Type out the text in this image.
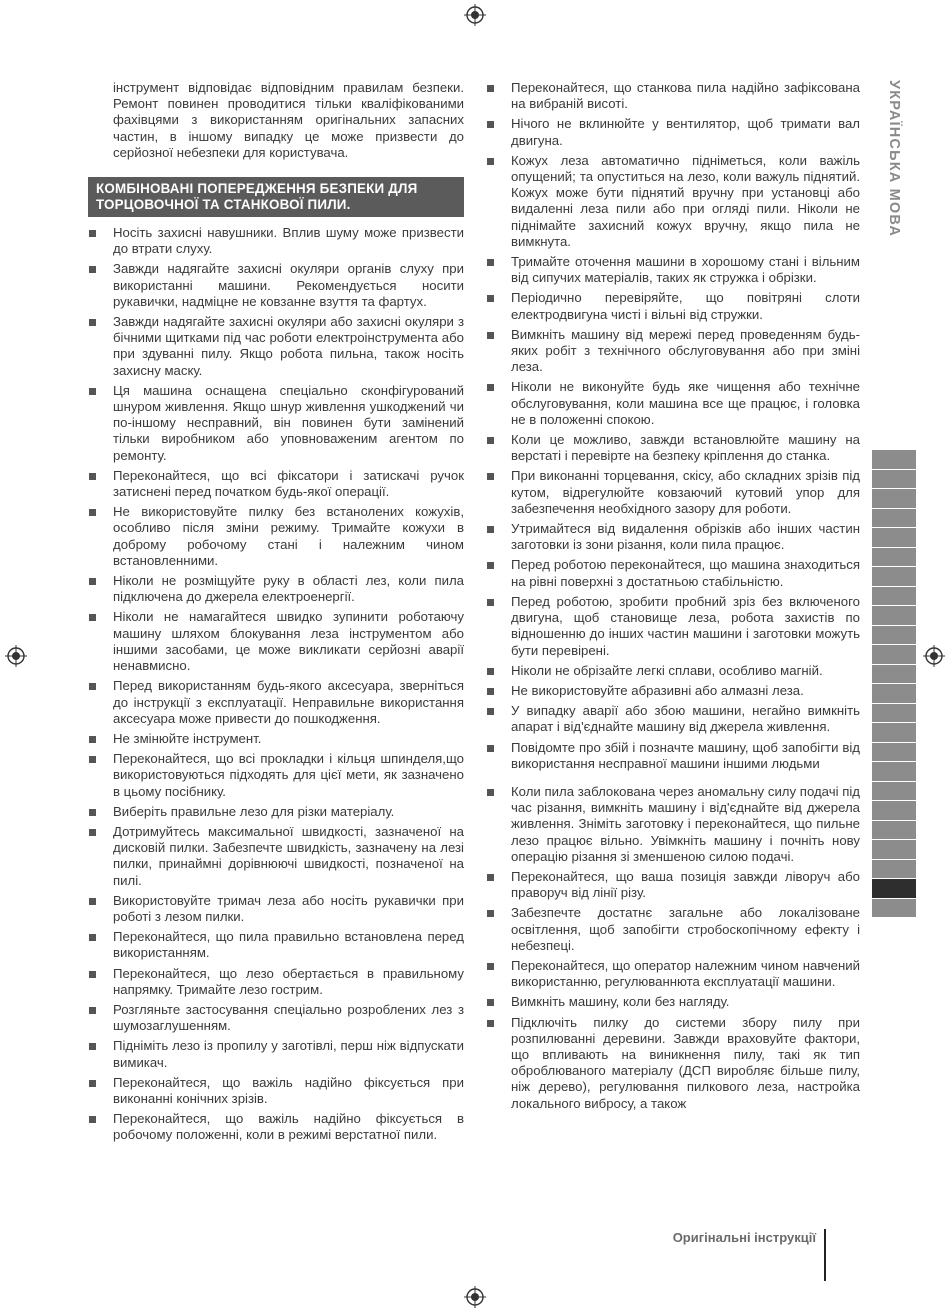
інструмент відповідає відповідним правилам безпеки. Ремонт повинен проводитися тільки кваліфікованими фахівцями з використанням оригінальних запасних частин, в іншому випадку це може призвести до серйозної небезпеки для користувача.

КОМБІНОВАНІ ПОПЕРЕДЖЕННЯ БЕЗПЕКИ ДЛЯ ТОРЦОВОЧНОЇ ТА СТАНКОВОЇ ПИЛИ.
Носіть захисні навушники. Вплив шуму може призвести до втрати слуху.
Завжди надягайте захисні окуляри органів слуху при використанні машини. Рекомендується носити рукавички, надміцне не ковзанне взуття та фартух.
Завжди надягайте захисні окуляри або захисні окуляри з бічними щитками під час роботи електроінструмента або при здуванні пилу. Якщо робота пильна, також носіть захисну маску.
Ця машина оснащена спеціально сконфігурований шнуром живлення. Якщо шнур живлення ушкоджений чи по-іншому несправний, він повинен бути замінений тільки виробником або уповноваженим агентом по ремонту.
Переконайтеся, що всі фіксатори і затискачі ручок затиснені перед початком будь-якої операції.
Не використовуйте пилку без встанолених кожухів, особливо після зміни режиму. Тримайте кожухи в доброму робочому стані і належним чином встановленними.
Ніколи не розміщуйте руку в області лез, коли пила підключена до джерела електроенергії.
Ніколи не намагайтеся швидко зупинити роботаючу машину шляхом блокування леза інструментом або іншими засобами, це може викликати серйозні аварії ненавмисно.
Перед використанням будь-якого аксесуара, зверніться до інструкції з експлуатації. Неправильне використання аксесуара може привести до пошкодження.
Не змінюйте інструмент.
Переконайтеся, що всі прокладки і кільця шпинделя,що використовуються підходять для цієї мети, як зазначено в цьому посібнику.
Виберіть правильне лезо для різки матеріалу.
Дотримуйтесь максимальної швидкості, зазначеної на дисковій пилки. Забезпечте швидкість, зазначену на лезі пилки, принаймні дорівнюючі швидкості, позначеної на пилі.
Використовуйте тримач леза або носіть рукавички при роботі з лезом пилки.
Переконайтеся, що пила правильно встановлена перед використанням.
Переконайтеся, що лезо обертається в правильному напрямку. Тримайте лезо гострим.
Розгляньте застосування спеціально розроблених лез з шумозаглушенням.
Підніміть лезо із пропилу у заготівлі, перш ніж відпускати вимикач.
Переконайтеся, що важіль надійно фіксується при виконанні конічних зрізів.
Переконайтеся, що важіль надійно фіксується в робочому положенні, коли в режимі верстатної пили.
Переконайтеся, що станкова пила надійно зафіксована на вибраній висоті.
Нічого не вклинюйте у вентилятор, щоб тримати вал двигуна.
Кожух леза автоматично підніметься, коли важіль опущений; та опуститься на лезо, коли важуль піднятий. Кожух може бути піднятий вручну при установці або видаленні леза пили або при огляді пили. Ніколи не піднімайте захисний кожух вручну, якщо пила не вимкнута.
Тримайте оточення машини в хорошому стані і вільним від сипучих матеріалів, таких як стружка і обрізки.
Періодично перевіряйте, що повітряні слоти електродвигуна чисті і вільні від стружки.
Вимкніть машину від мережі перед проведенням будь-яких робіт з технічного обслуговування або при зміні леза.
Ніколи не виконуйте будь яке чищення або технічне обслуговування, коли машина все ще працює, і головка не в положенні спокою.
Коли це можливо, завжди встановлюйте машину на верстаті і перевірте на безпеку кріплення до станка.
При виконанні торцевання, скісу, або складних зрізів під кутом, відрегулюйте ковзаючий кутовий упор для забезпечення необхідного зазору для роботи.
Утримайтеся від видалення обрізків або інших частин заготовки із зони різання, коли пила працює.
Перед роботою переконайтеся, що машина знаходиться на рівні поверхні з достатньою стабільністю.
Перед роботою, зробити пробний зріз без включеного двигуна, щоб становище леза, робота захистів по відношенню до інших частин машини і заготовки можуть бути перевірені.
Ніколи не обрізайте легкі сплави, особливо магній.
Не використовуйте абразивні або алмазні леза.
У випадку аварії або збою машини, негайно вимкніть апарат і від'єднайте машину від джерела живлення.
Повідомте про збій і позначте машину, щоб запобігти від використання несправної машини іншими людьми
Коли пила заблокована через аномальну силу подачі під час різання, вимкніть машину і від'єднайте від джерела живлення. Зніміть заготовку і переконайтеся, що пильне лезо працює вільно. Увімкніть машину і почніть нову операцію різання зі зменшеною силою подачі.
Переконайтеся, що ваша позиція завжди ліворуч або праворуч від лінії різу.
Забезпечте достатнє загальне або локалізоване освітлення, щоб запобігти стробоскопічному ефекту і небезпеці.
Переконайтеся, що оператор належним чином навчений використанню, регулюваннюта експлуатації машини.
Вимкніть машину, коли без нагляду.
Підключіть пилку до системи збору пилу при розпилюванні деревини. Завжди враховуйте фактори, що впливають на виникнення пилу, такі як тип оброблюваного матеріалу (ДСП виробляє більше пилу, ніж дерево), регулювання пилкового леза, настройка локального вибросу, а також
УКРАЇНСЬКА МОВА
Оригінальні інструкції
